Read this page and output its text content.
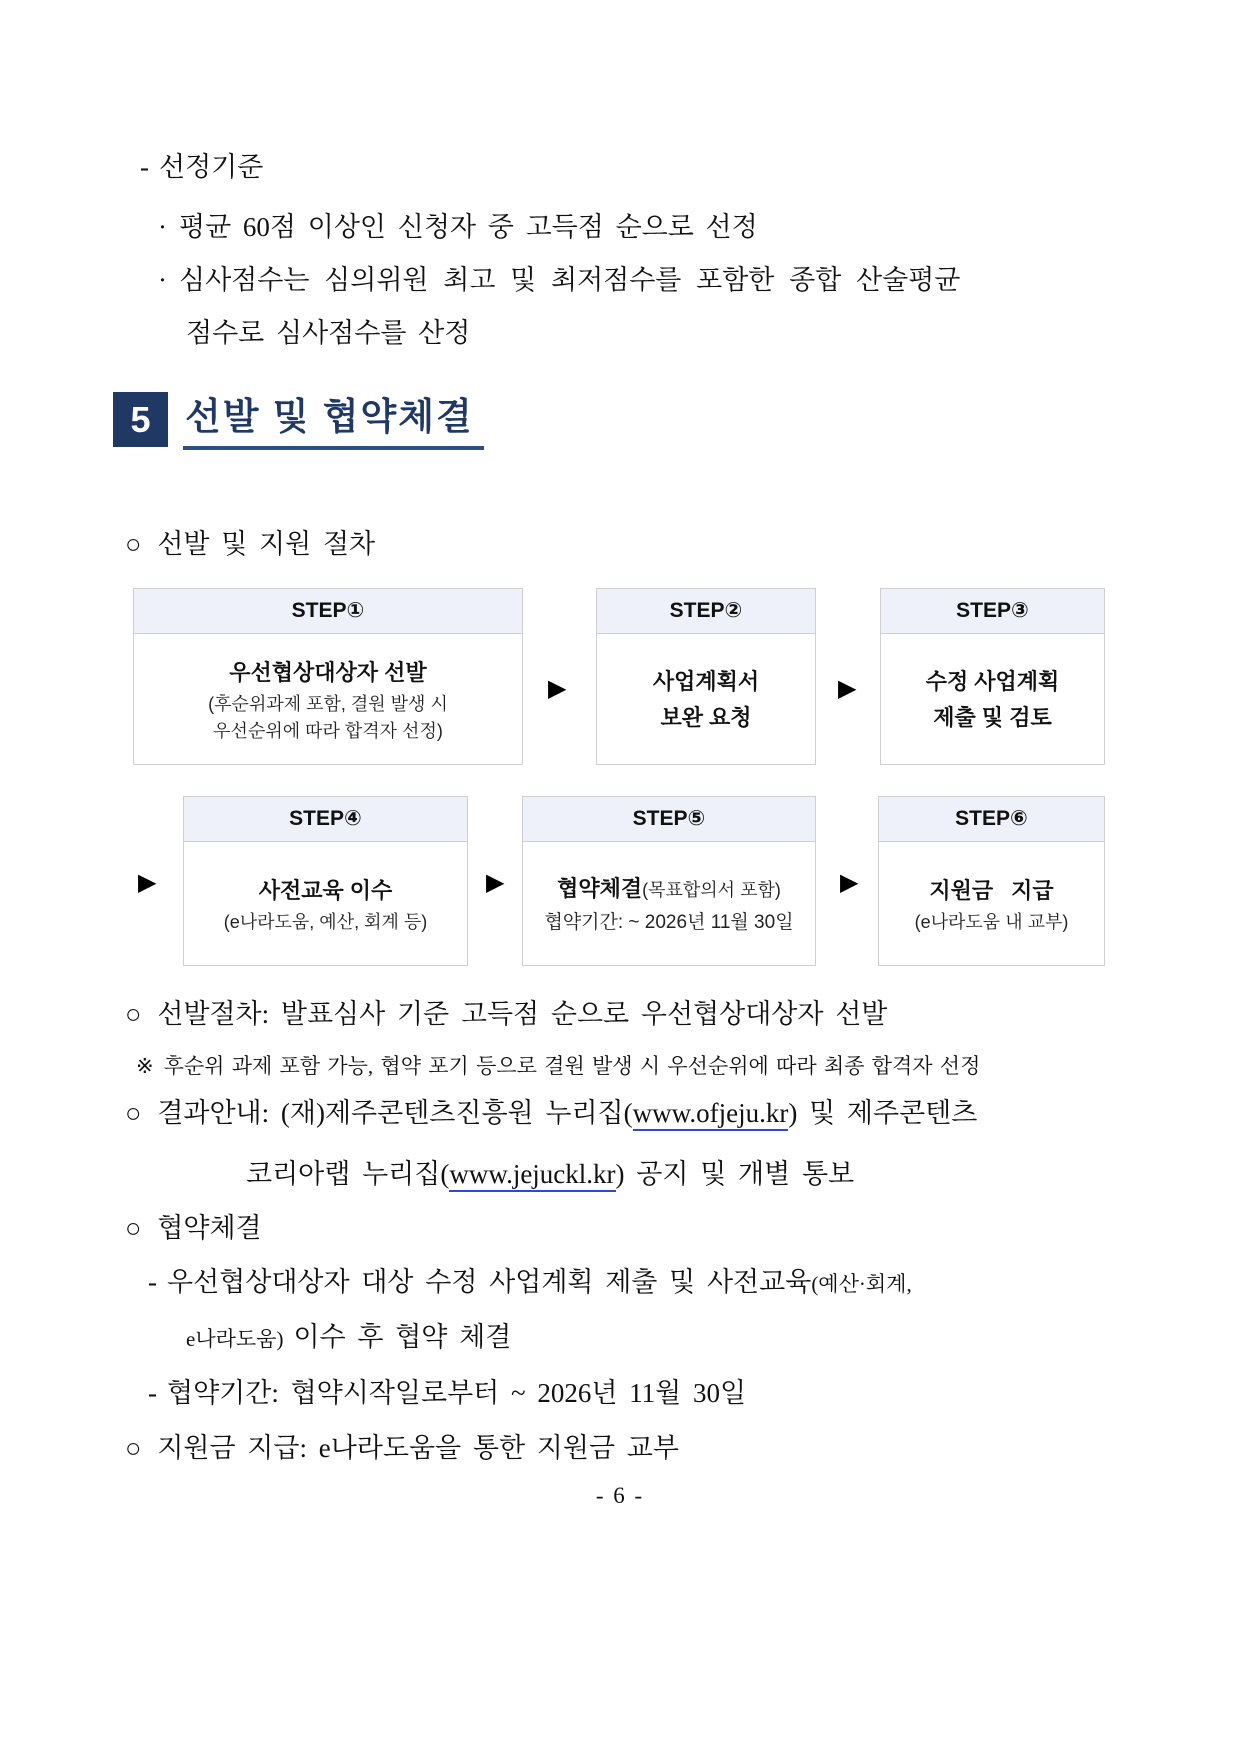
- 선정기준

· 평균 60점 이상인 신청자 중 고득점 순으로 선정

· 심사점수는 심의위원 최고 및 최저점수를 포함한 종합 산술평균

점수로 심사점수를 산정

5 선발 및 협약체결

○ 선발 및 지원 절차

STEP①
우선협상대상자 선발
(후순위과제 포함, 결원 발생 시
우선순위에 따라 합격자 선정)
▶
STEP②
사업계획서
보완 요청
▶
STEP③
수정 사업계획
제출 및 검토
▶
STEP④
사전교육 이수
(e나라도움, 예산, 회계 등)
▶
STEP⑤
협약체결(목표합의서 포함)
협약기간: ~ 2026년 11월 30일
▶
STEP⑥
지원금 지급
(e나라도움 내 교부)

○ 선발절차: 발표심사 기준 고득점 순으로 우선협상대상자 선발

※ 후순위 과제 포함 가능, 협약 포기 등으로 결원 발생 시 우선순위에 따라 최종 합격자 선정

○ 결과안내: (재)제주콘텐츠진흥원 누리집(www.ofjeju.kr) 및 제주콘텐츠

코리아랩 누리집(www.jejuckl.kr) 공지 및 개별 통보

○ 협약체결

- 우선협상대상자 대상 수정 사업계획 제출 및 사전교육(예산·회계,

e나라도움) 이수 후 협약 체결

- 협약기간: 협약시작일로부터 ~ 2026년 11월 30일

○ 지원금 지급: e나라도움을 통한 지원금 교부

- 6 -
